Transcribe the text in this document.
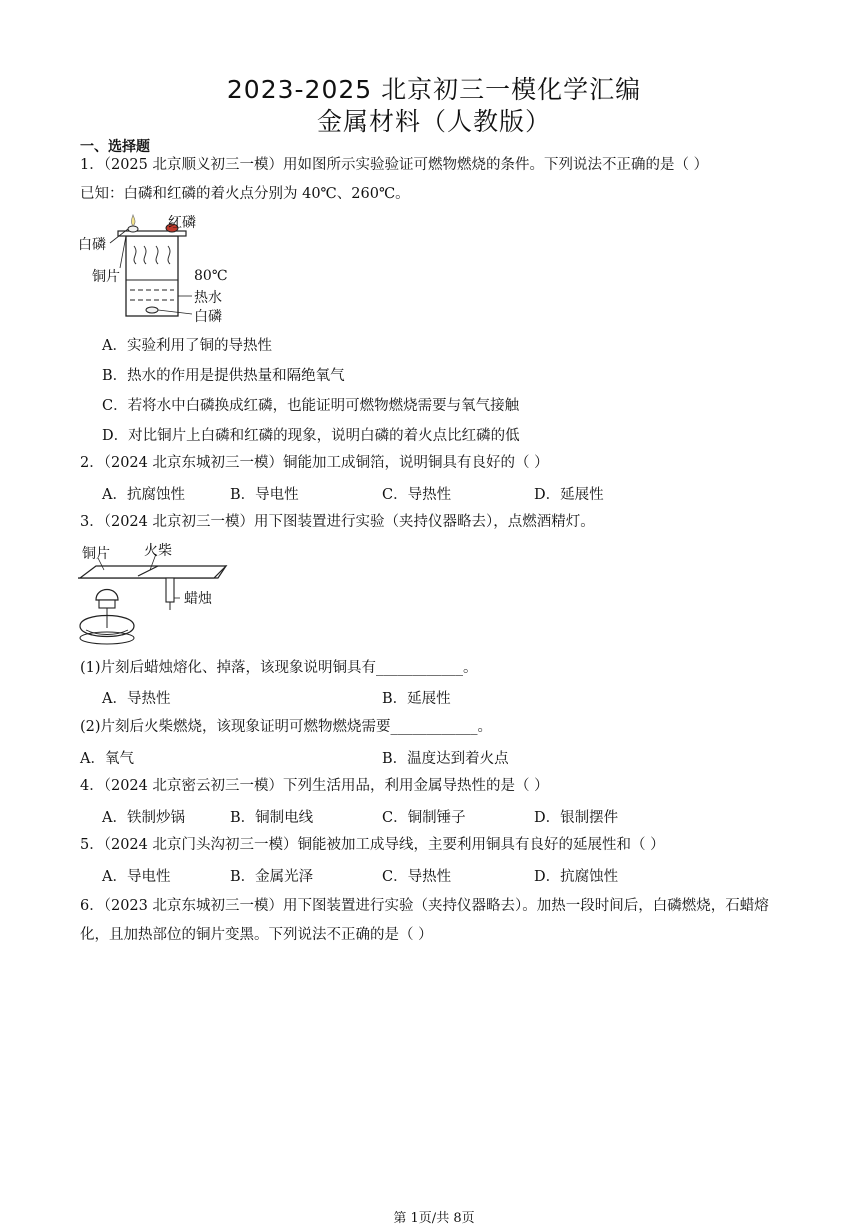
2023-2025 北京初三一模化学汇编
金属材料（人教版）
一、选择题
1．（2025 北京顺义初三一模）用如图所示实验验证可燃物燃烧的条件。下列说法不正确的是（ ）
已知：白磷和红磷的着火点分别为 40℃、260℃。
红磷
白磷
铜片	80℃
热水
白磷
A．实验利用了铜的导热性
B．热水的作用是提供热量和隔绝氧气
C．若将水中白磷换成红磷，也能证明可燃物燃烧需要与氧气接触
D．对比铜片上白磷和红磷的现象，说明白磷的着火点比红磷的低
2．（2024 北京东城初三一模）铜能加工成铜箔，说明铜具有良好的（ ）
A．抗腐蚀性	B．导电性	C．导热性	D．延展性
3．（2024 北京初三一模）用下图装置进行实验（夹持仪器略去），点燃酒精灯。
铜片 火柴
蜡烛
(1)片刻后蜡烛熔化、掉落，该现象说明铜具有____________。
A．导热性	B．延展性
(2)片刻后火柴燃烧，该现象证明可燃物燃烧需要____________。
A．氧气	B．温度达到着火点
4．（2024 北京密云初三一模）下列生活用品，利用金属导热性的是（ ）
A．铁制炒锅	B．铜制电线	C．铜制锤子	D．银制摆件
5．（2024 北京门头沟初三一模）铜能被加工成导线，主要利用铜具有良好的延展性和（ ）
A．导电性	B．金属光泽	C．导热性	D．抗腐蚀性
6．（2023 北京东城初三一模）用下图装置进行实验（夹持仪器略去）。加热一段时间后，白磷燃烧，石蜡熔
化，且加热部位的铜片变黑。下列说法不正确的是（ ）
第 1页/共 8页
